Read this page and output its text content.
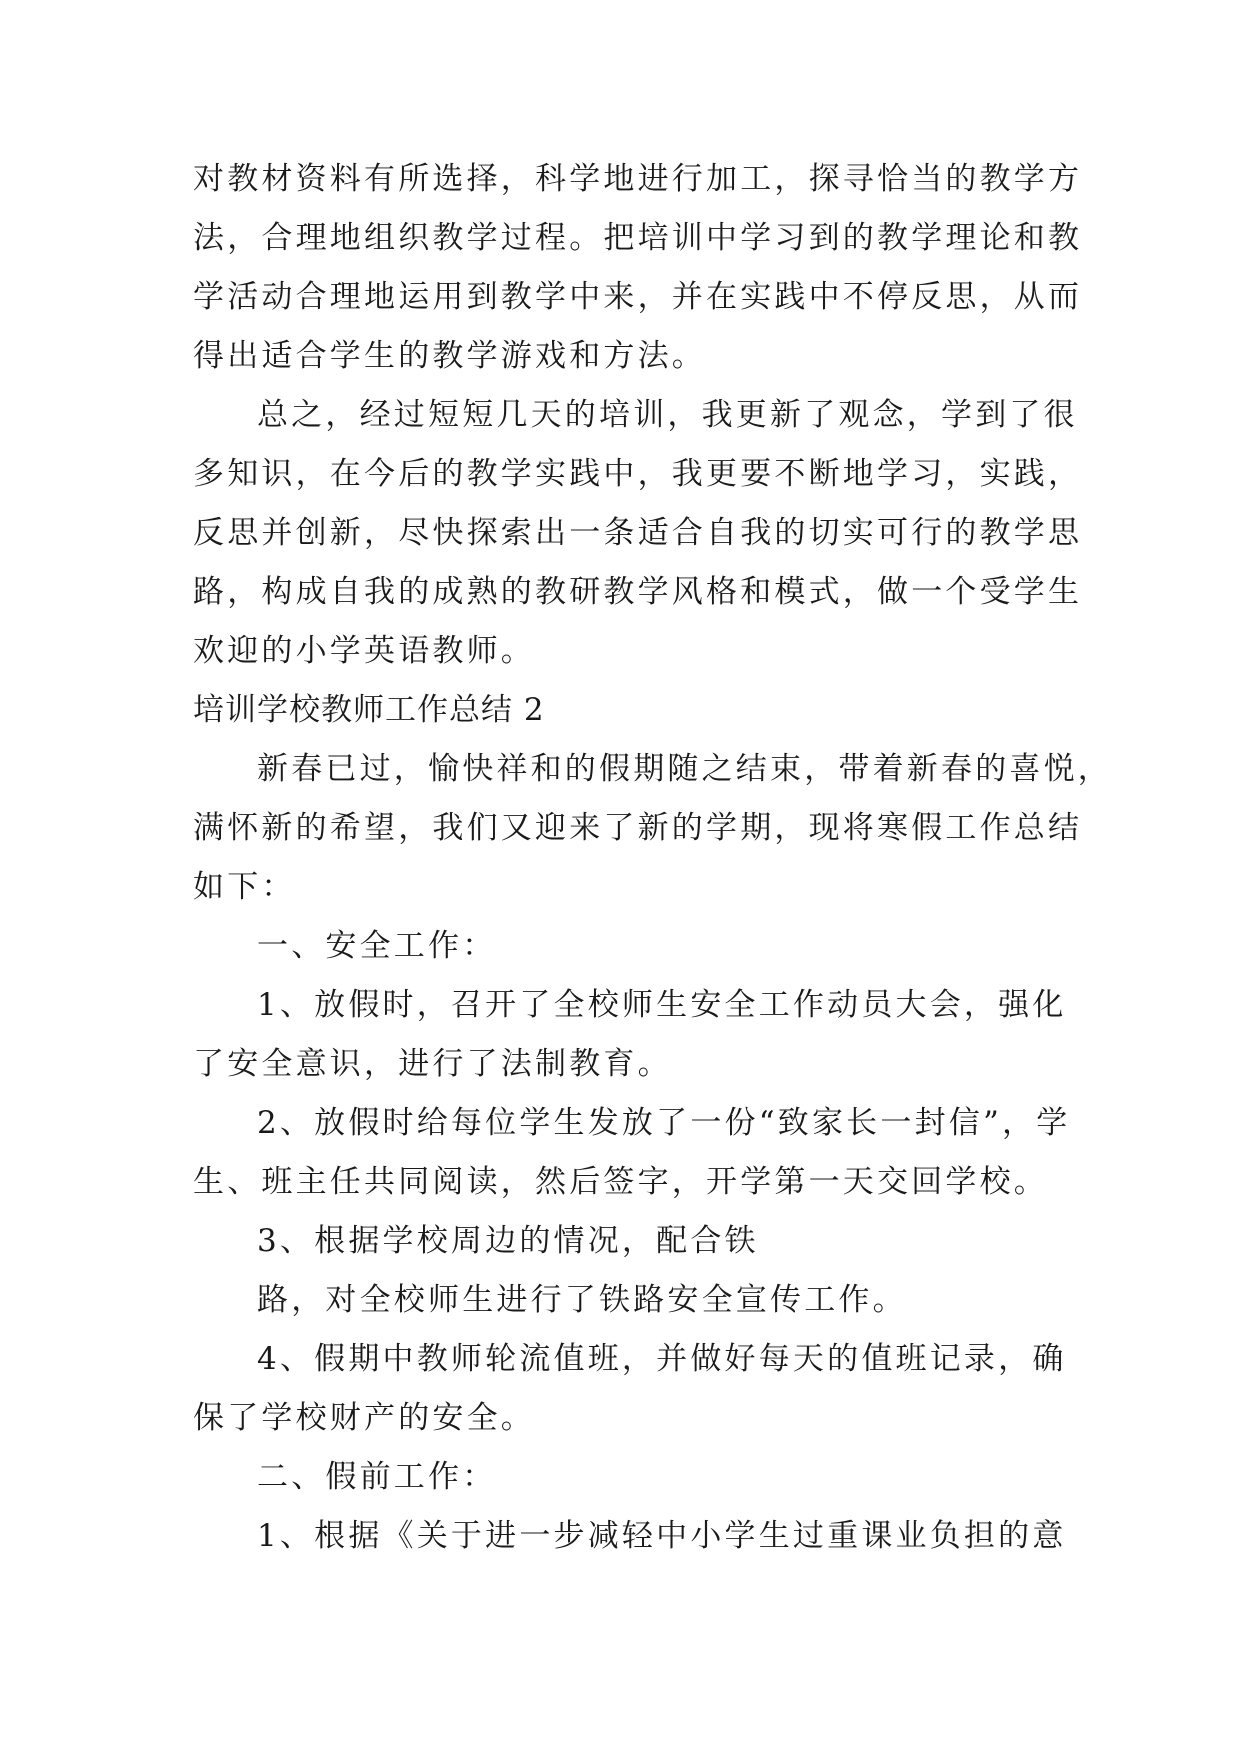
对教材资料有所选择，科学地进行加工，探寻恰当的教学方
法，合理地组织教学过程。把培训中学习到的教学理论和教
学活动合理地运用到教学中来，并在实践中不停反思，从而
得出适合学生的教学游戏和方法。
总之，经过短短几天的培训，我更新了观念，学到了很
多知识，在今后的教学实践中，我更要不断地学习，实践，
反思并创新，尽快探索出一条适合自我的切实可行的教学思
路，构成自我的成熟的教研教学风格和模式，做一个受学生
欢迎的小学英语教师。
培训学校教师工作总结 2
新春已过，愉快祥和的假期随之结束，带着新春的喜悦，
满怀新的希望，我们又迎来了新的学期，现将寒假工作总结
如下：
一、安全工作：
1、放假时，召开了全校师生安全工作动员大会，强化
了安全意识，进行了法制教育。
2、放假时给每位学生发放了一份“致家长一封信”，学
生、班主任共同阅读，然后签字，开学第一天交回学校。
3、根据学校周边的情况，配合铁
路，对全校师生进行了铁路安全宣传工作。
4、假期中教师轮流值班，并做好每天的值班记录，确
保了学校财产的安全。
二、假前工作：
1、根据《关于进一步减轻中小学生过重课业负担的意
